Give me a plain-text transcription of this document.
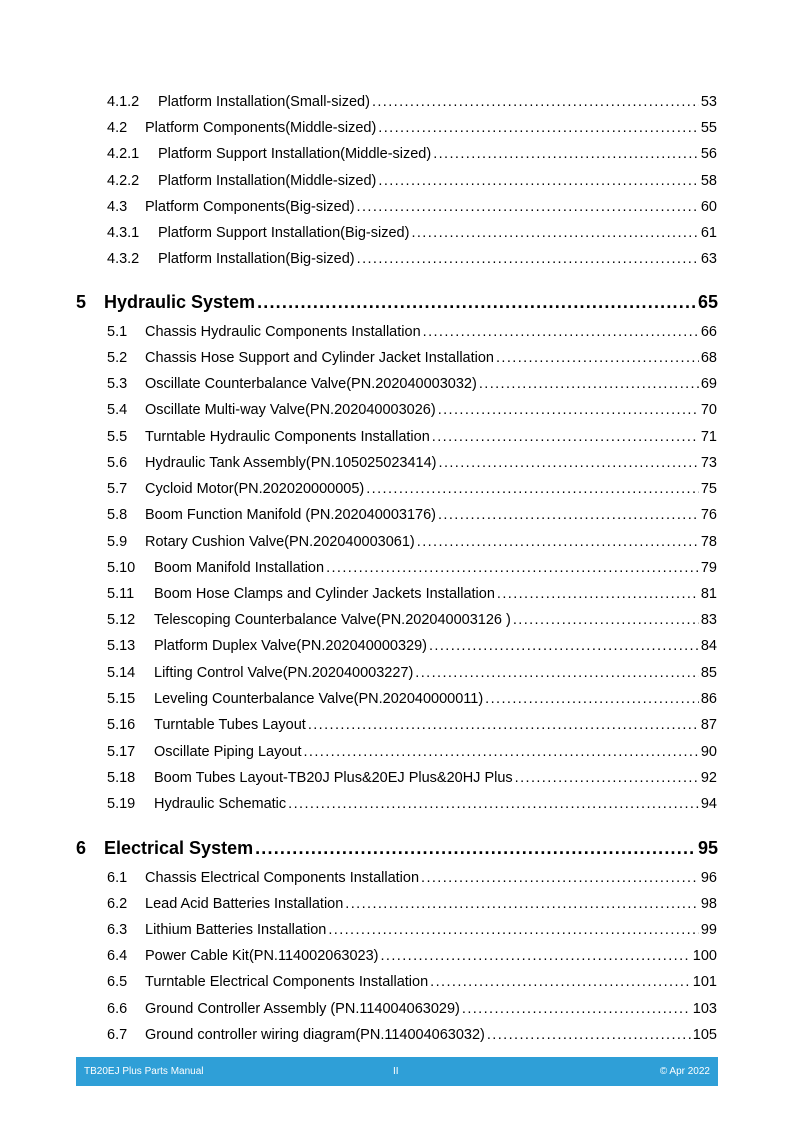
4.1.2	Platform Installation(Small-sized) .....	53
4.2	Platform Components(Middle-sized) .....	55
4.2.1	Platform Support Installation(Middle-sized) .....	56
4.2.2	Platform Installation(Middle-sized) .....	58
4.3	Platform Components(Big-sized) .....	60
4.3.1	Platform Support Installation(Big-sized) .....	61
4.3.2	Platform Installation(Big-sized) .....	63
5 Hydraulic System .....	65
5.1	Chassis Hydraulic Components Installation .....	66
5.2	Chassis Hose Support and Cylinder Jacket Installation .....	68
5.3	Oscillate Counterbalance Valve(PN.202040003032) .....	69
5.4	Oscillate Multi-way Valve(PN.202040003026) .....	70
5.5	Turntable Hydraulic Components Installation .....	71
5.6	Hydraulic Tank Assembly(PN.105025023414) .....	73
5.7	Cycloid Motor(PN.202020000005) .....	75
5.8	Boom Function Manifold (PN.202040003176) .....	76
5.9	Rotary Cushion Valve(PN.202040003061) .....	78
5.10	Boom Manifold Installation .....	79
5.11	Boom Hose Clamps and Cylinder Jackets Installation .....	81
5.12	Telescoping Counterbalance Valve(PN.202040003126 ) .....	83
5.13	Platform Duplex Valve(PN.202040000329) .....	84
5.14	Lifting Control Valve(PN.202040003227) .....	85
5.15	Leveling Counterbalance Valve(PN.202040000011) .....	86
5.16	Turntable Tubes Layout .....	87
5.17	Oscillate Piping Layout .....	90
5.18	Boom Tubes Layout-TB20J Plus&20EJ Plus&20HJ Plus .....	92
5.19	Hydraulic Schematic .....	94
6 Electrical System .....	95
6.1	Chassis Electrical Components Installation .....	96
6.2	Lead Acid Batteries Installation .....	98
6.3	Lithium Batteries Installation .....	99
6.4	Power Cable Kit(PN.114002063023) .....	100
6.5	Turntable Electrical Components Installation .....	101
6.6	Ground Controller Assembly (PN.114004063029) .....	103
6.7	Ground controller wiring diagram(PN.114004063032) .....	105
TB20EJ Plus Parts Manual	II	© Apr 2022
